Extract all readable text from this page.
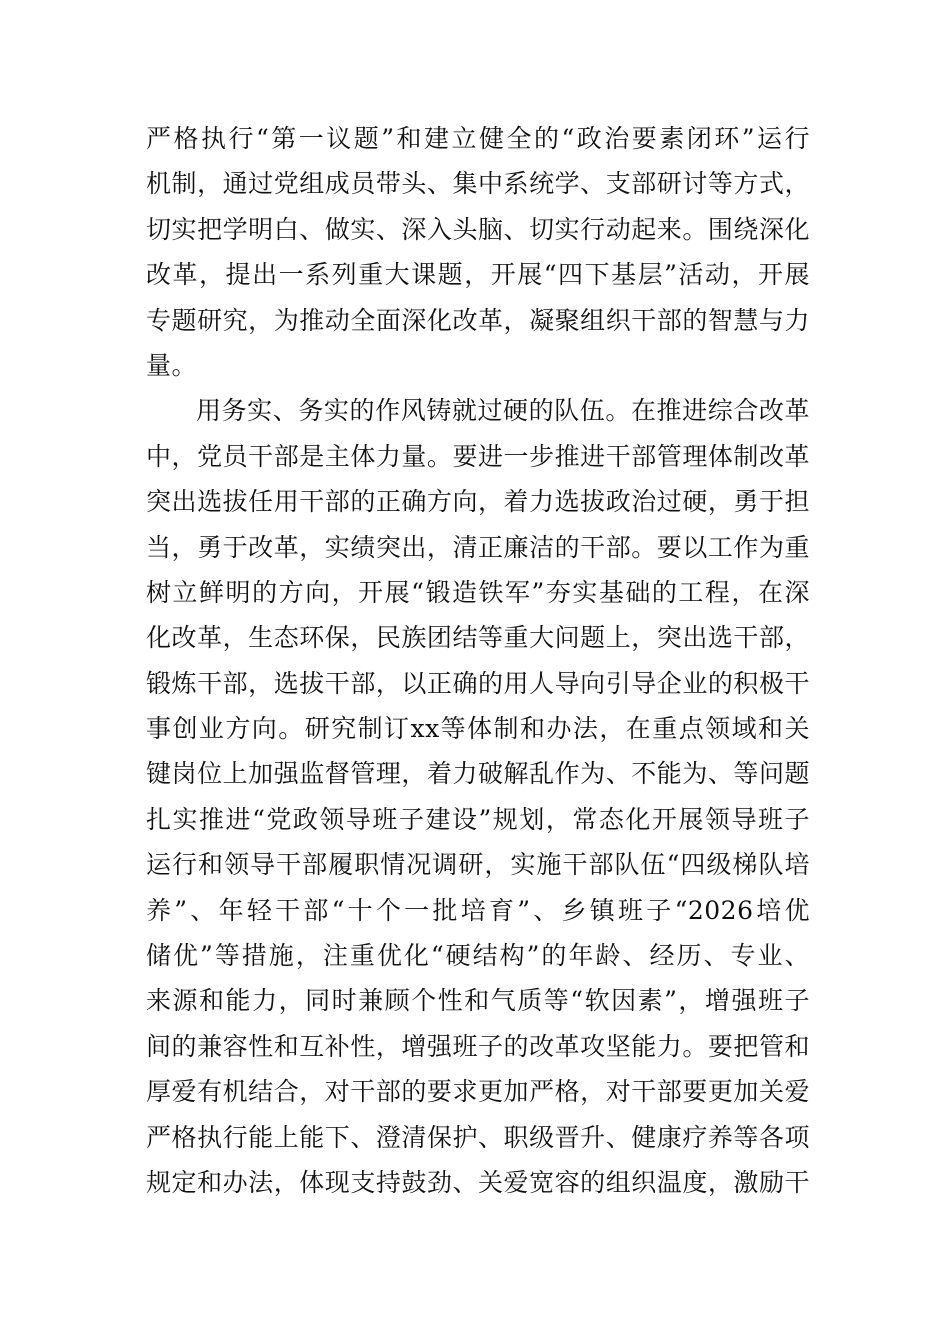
严格执行“第一议题”和建立健全的“政治要素闭环”运行
机制，通过党组成员带头、集中系统学、支部研讨等方式，
切实把学明白、做实、深入头脑、切实行动起来。围绕深化
改革，提出一系列重大课题，开展“四下基层”活动，开展
专题研究，为推动全面深化改革，凝聚组织干部的智慧与力
量。
用务实、务实的作风铸就过硬的队伍。在推进综合改革
中，党员干部是主体力量。要进一步推进干部管理体制改革
突出选拔任用干部的正确方向，着力选拔政治过硬，勇于担
当，勇于改革，实绩突出，清正廉洁的干部。要以工作为重
树立鲜明的方向，开展“锻造铁军”夯实基础的工程，在深
化改革，生态环保，民族团结等重大问题上，突出选干部，
锻炼干部，选拔干部，以正确的用人导向引导企业的积极干
事创业方向。研究制订xx等体制和办法，在重点领域和关
键岗位上加强监督管理，着力破解乱作为、不能为、等问题
扎实推进“党政领导班子建设”规划，常态化开展领导班子
运行和领导干部履职情况调研，实施干部队伍“四级梯队培
养”、年轻干部“十个一批培育”、乡镇班子“2026培优
储优”等措施，注重优化“硬结构”的年龄、经历、专业、
来源和能力，同时兼顾个性和气质等“软因素”，增强班子
间的兼容性和互补性，增强班子的改革攻坚能力。要把管和
厚爱有机结合，对干部的要求更加严格，对干部要更加关爱
严格执行能上能下、澄清保护、职级晋升、健康疗养等各项
规定和办法，体现支持鼓劲、关爱宽容的组织温度，激励干
